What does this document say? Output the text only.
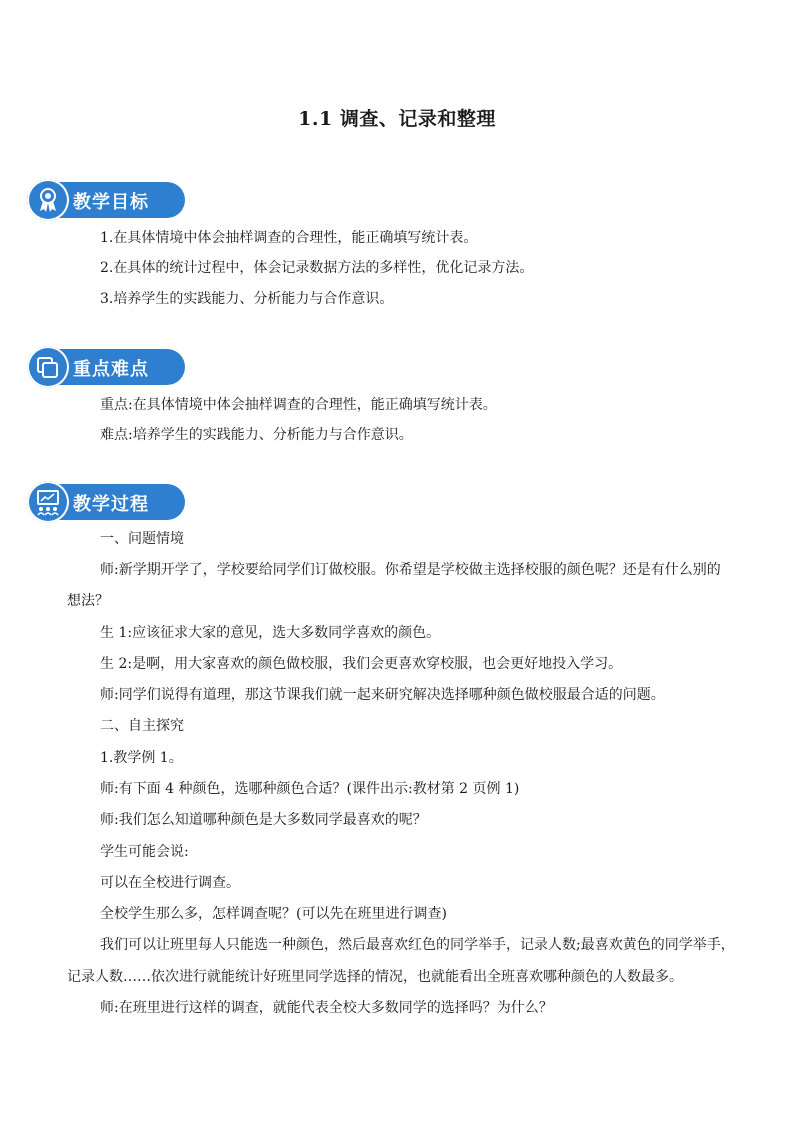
1.1 调查、记录和整理
教学目标
1.在具体情境中体会抽样调查的合理性，能正确填写统计表。
2.在具体的统计过程中，体会记录数据方法的多样性，优化记录方法。
3.培养学生的实践能力、分析能力与合作意识。
重点难点
重点:在具体情境中体会抽样调查的合理性，能正确填写统计表。
难点:培养学生的实践能力、分析能力与合作意识。
教学过程
一、问题情境
师:新学期开学了，学校要给同学们订做校服。你希望是学校做主选择校服的颜色呢？还是有什么别的
想法？
生 1:应该征求大家的意见，选大多数同学喜欢的颜色。
生 2:是啊，用大家喜欢的颜色做校服，我们会更喜欢穿校服，也会更好地投入学习。
师:同学们说得有道理，那这节课我们就一起来研究解决选择哪种颜色做校服最合适的问题。
二、自主探究
1.教学例 1。
师:有下面 4 种颜色，选哪种颜色合适？(课件出示:教材第 2 页例 1)
师:我们怎么知道哪种颜色是大多数同学最喜欢的呢？
学生可能会说:
可以在全校进行调查。
全校学生那么多，怎样调查呢？(可以先在班里进行调查)
我们可以让班里每人只能选一种颜色，然后最喜欢红色的同学举手，记录人数;最喜欢黄色的同学举手，
记录人数……依次进行就能统计好班里同学选择的情况，也就能看出全班喜欢哪种颜色的人数最多。
师:在班里进行这样的调查，就能代表全校大多数同学的选择吗？为什么？
